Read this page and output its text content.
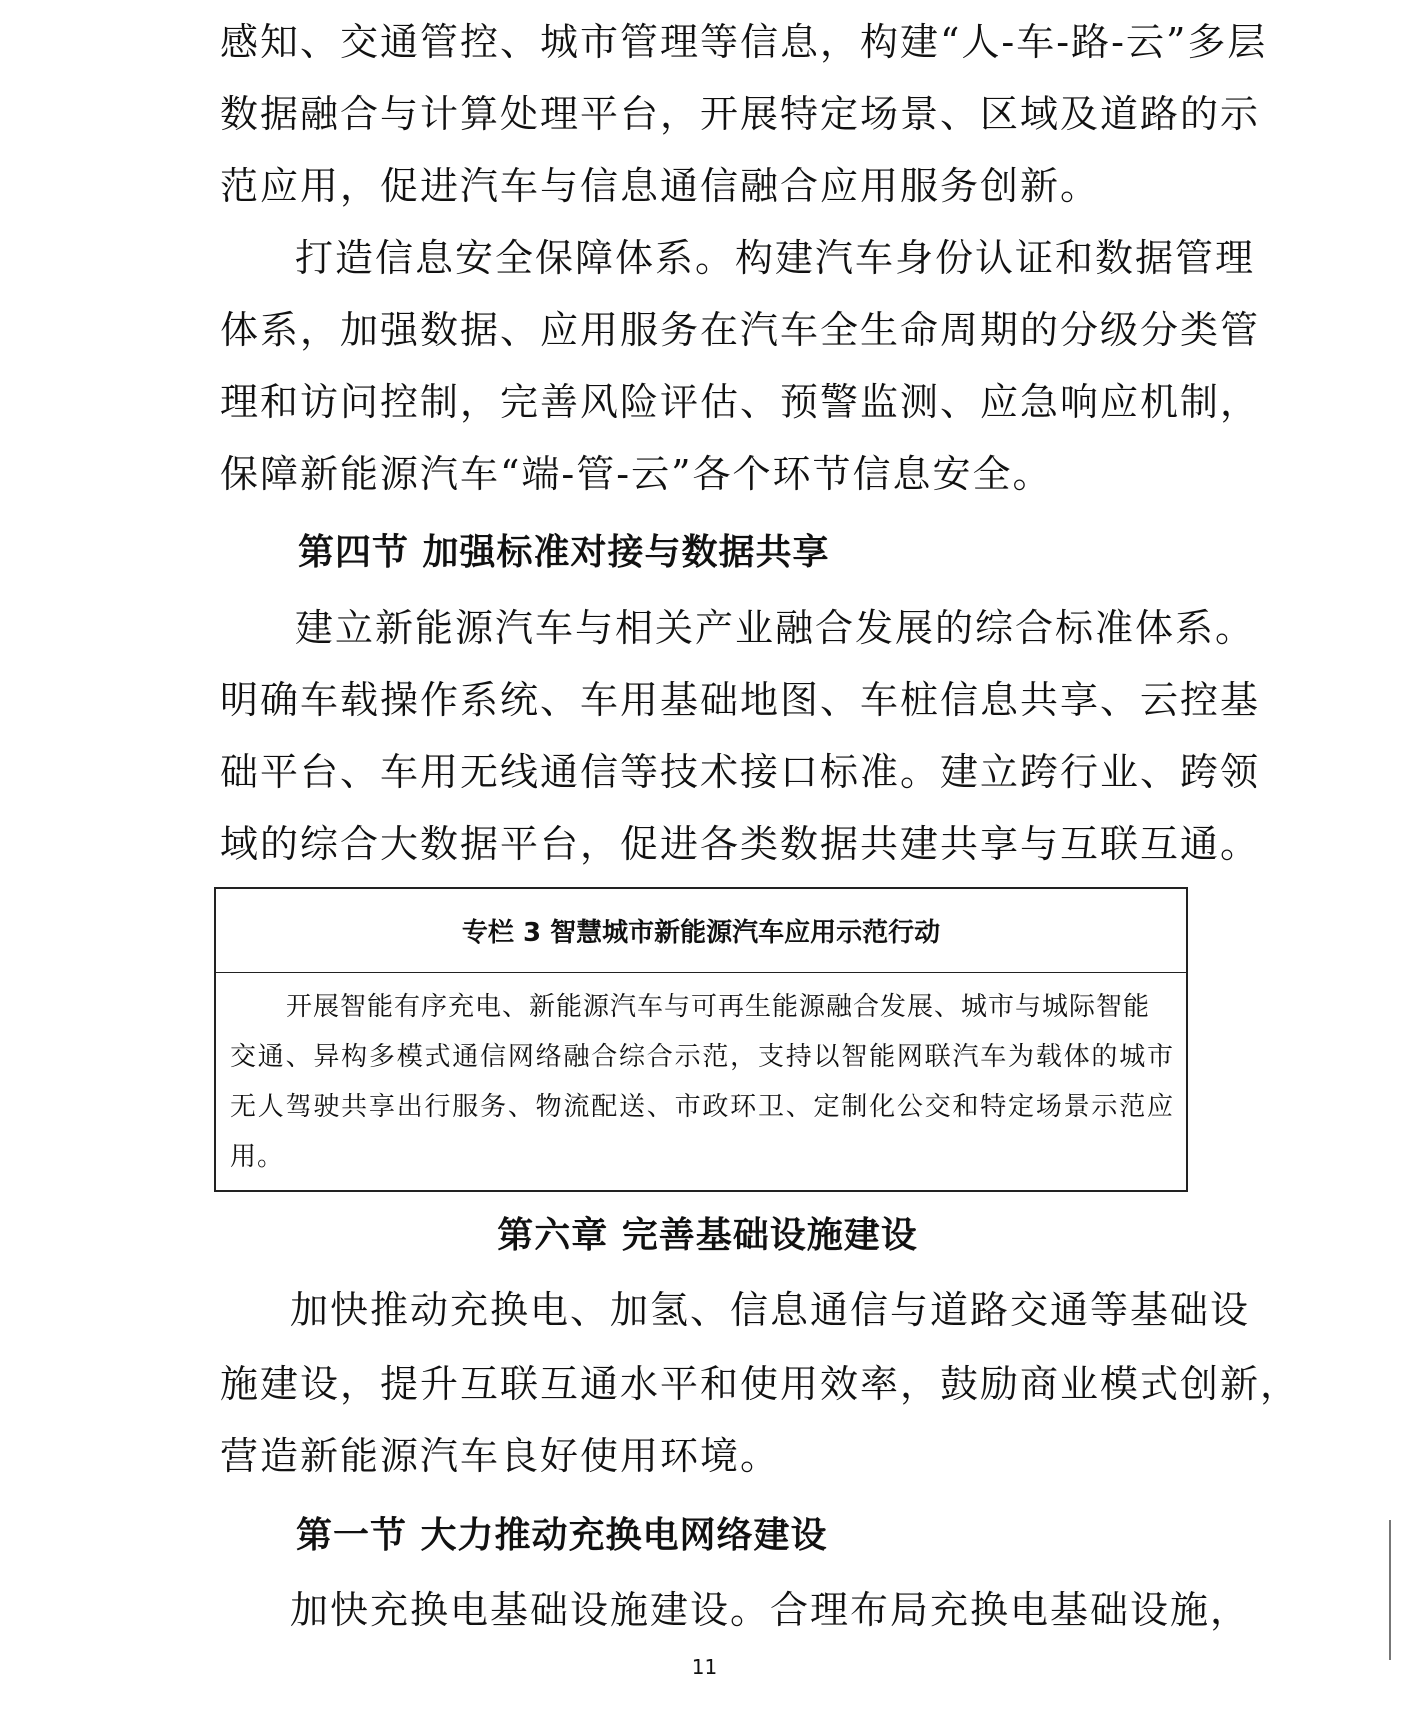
感知、交通管控、城市管理等信息，构建“人-车-路-云”多层
数据融合与计算处理平台，开展特定场景、区域及道路的示
范应用，促进汽车与信息通信融合应用服务创新。
打造信息安全保障体系。构建汽车身份认证和数据管理
体系，加强数据、应用服务在汽车全生命周期的分级分类管
理和访问控制，完善风险评估、预警监测、应急响应机制，
保障新能源汽车“端-管-云”各个环节信息安全。
第四节 加强标准对接与数据共享
建立新能源汽车与相关产业融合发展的综合标准体系。
明确车载操作系统、车用基础地图、车桩信息共享、云控基
础平台、车用无线通信等技术接口标准。建立跨行业、跨领
域的综合大数据平台，促进各类数据共建共享与互联互通。
专栏 3 智慧城市新能源汽车应用示范行动
开展智能有序充电、新能源汽车与可再生能源融合发展、城市与城际智能
交通、异构多模式通信网络融合综合示范，支持以智能网联汽车为载体的城市
无人驾驶共享出行服务、物流配送、市政环卫、定制化公交和特定场景示范应
用。
第六章 完善基础设施建设
加快推动充换电、加氢、信息通信与道路交通等基础设
施建设，提升互联互通水平和使用效率，鼓励商业模式创新，
营造新能源汽车良好使用环境。
第一节 大力推动充换电网络建设
加快充换电基础设施建设。合理布局充换电基础设施，
11
